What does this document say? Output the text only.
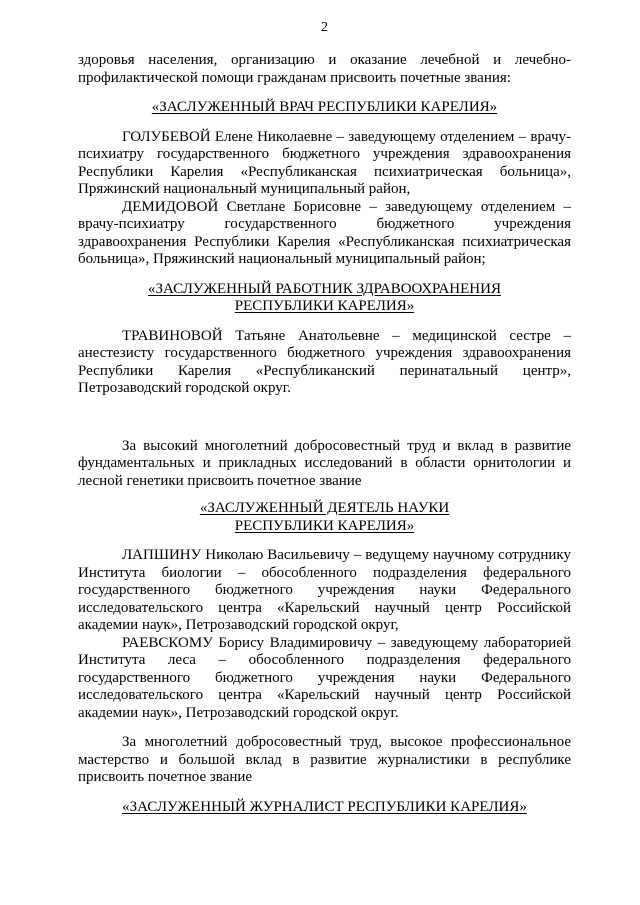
2

здоровья населения, организацию и оказание лечебной и лечебно-профилактической помощи гражданам присвоить почетные звания:

«ЗАСЛУЖЕННЫЙ ВРАЧ РЕСПУБЛИКИ КАРЕЛИЯ»

ГОЛУБЕВОЙ Елене Николаевне – заведующему отделением – врачу-психиатру государственного бюджетного учреждения здравоохранения Республики Карелия «Республиканская психиатрическая больница», Пряжинский национальный муниципальный район,

ДЕМИДОВОЙ Светлане Борисовне – заведующему отделением – врачу-психиатру государственного бюджетного учреждения здравоохранения Республики Карелия «Республиканская психиатрическая больница», Пряжинский национальный муниципальный район;

«ЗАСЛУЖЕННЫЙ РАБОТНИК ЗДРАВООХРАНЕНИЯ

РЕСПУБЛИКИ КАРЕЛИЯ»

ТРАВИНОВОЙ Татьяне Анатольевне – медицинской сестре – анестезисту государственного бюджетного учреждения здравоохранения Республики Карелия «Республиканский перинатальный центр», Петрозаводский городской округ.

За высокий многолетний добросовестный труд и вклад в развитие фундаментальных и прикладных исследований в области орнитологии и лесной генетики присвоить почетное звание

«ЗАСЛУЖЕННЫЙ ДЕЯТЕЛЬ НАУКИ

РЕСПУБЛИКИ КАРЕЛИЯ»

ЛАПШИНУ Николаю Васильевичу – ведущему научному сотруднику Института биологии – обособленного подразделения федерального государственного бюджетного учреждения науки Федерального исследовательского центра «Карельский научный центр Российской академии наук», Петрозаводский городской округ,

РАЕВСКОМУ Борису Владимировичу – заведующему лабораторией Института леса – обособленного подразделения федерального государственного бюджетного учреждения науки Федерального исследовательского центра «Карельский научный центр Российской академии наук», Петрозаводский городской округ.

За многолетний добросовестный труд, высокое профессиональное мастерство и большой вклад в развитие журналистики в республике присвоить почетное звание

«ЗАСЛУЖЕННЫЙ ЖУРНАЛИСТ РЕСПУБЛИКИ КАРЕЛИЯ»
